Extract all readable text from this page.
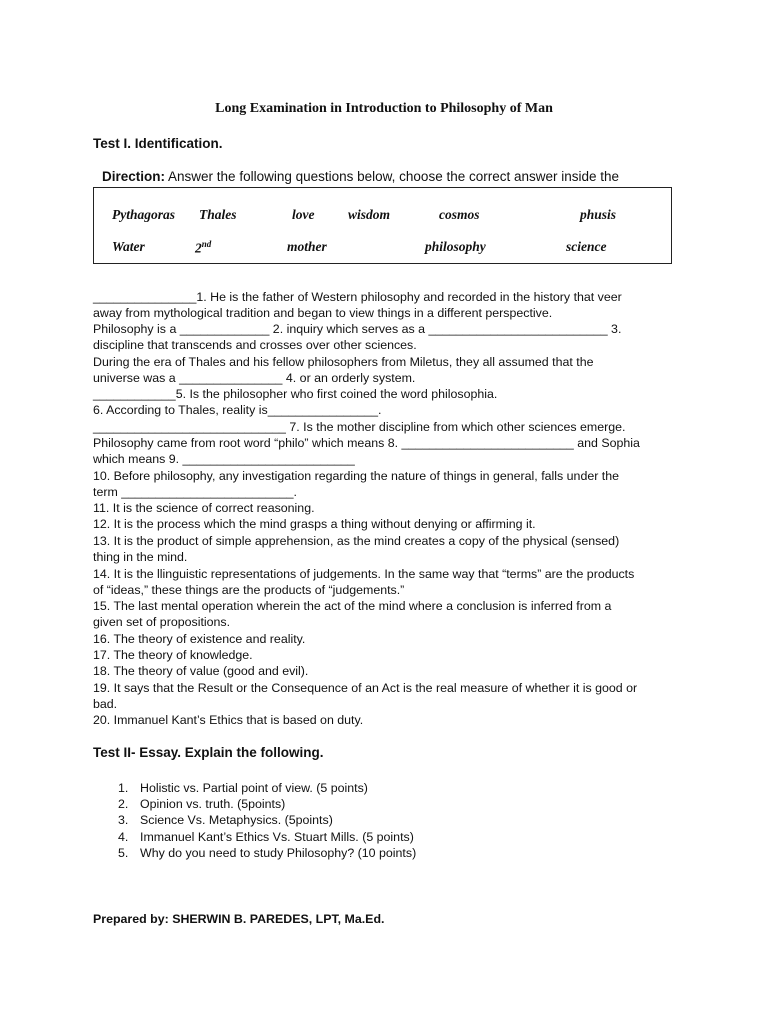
Long Examination in Introduction to Philosophy of Man
Test I. Identification.
Direction: Answer the following questions below, choose the correct answer inside the
Pythagoras Thales	love wisdom	cosmos	phusis
Water	2nd	mother	philosophy	science
_______________1. He is the father of Western philosophy and recorded in the history that veer
away from mythological tradition and began to view things in a different perspective.
Philosophy is a _____________ 2. inquiry which serves as a __________________________ 3.
discipline that transcends and crosses over other sciences.
During the era of Thales and his fellow philosophers from Miletus, they all assumed that the
universe was a _______________ 4. or an orderly system.
____________5. Is the philosopher who first coined the word philosophia.
6. According to Thales, reality is________________.
____________________________ 7. Is the mother discipline from which other sciences emerge.
Philosophy came from root word “philo” which means 8. _________________________ and Sophia
which means 9. _________________________
10. Before philosophy, any investigation regarding the nature of things in general, falls under the
term _________________________.
11. It is the science of correct reasoning.
12. It is the process which the mind grasps a thing without denying or affirming it.
13. It is the product of simple apprehension, as the mind creates a copy of the physical (sensed)
thing in the mind.
14. It is the llinguistic representations of judgements. In the same way that “terms” are the products
of “ideas,” these things are the products of “judgements.”
15. The last mental operation wherein the act of the mind where a conclusion is inferred from a
given set of propositions.
16. The theory of existence and reality.
17. The theory of knowledge.
18. The theory of value (good and evil).
19. It says that the Result or the Consequence of an Act is the real measure of whether it is good or
bad.
20. Immanuel Kant’s Ethics that is based on duty.
Test II- Essay. Explain the following.
1. Holistic vs. Partial point of view. (5 points)
2. Opinion vs. truth. (5points)
3. Science Vs. Metaphysics. (5points)
4. Immanuel Kant’s Ethics Vs. Stuart Mills. (5 points)
5. Why do you need to study Philosophy? (10 points)
Prepared by: SHERWIN B. PAREDES, LPT, Ma.Ed.
